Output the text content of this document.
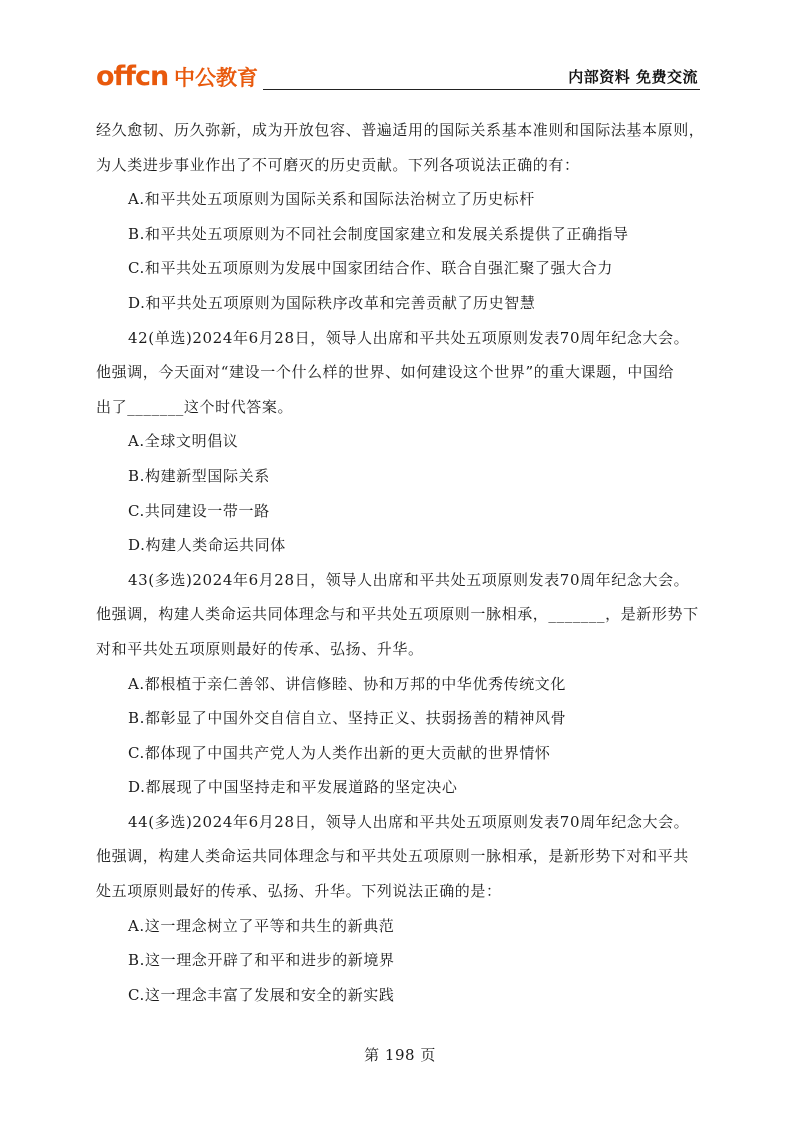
offcn 中公教育	内部资料 免费交流
经久愈韧、历久弥新，成为开放包容、普遍适用的国际关系基本准则和国际法基本原则，
为人类进步事业作出了不可磨灭的历史贡献。下列各项说法正确的有：
A.和平共处五项原则为国际关系和国际法治树立了历史标杆
B.和平共处五项原则为不同社会制度国家建立和发展关系提供了正确指导
C.和平共处五项原则为发展中国家团结合作、联合自强汇聚了强大合力
D.和平共处五项原则为国际秩序改革和完善贡献了历史智慧
42(单选)2024年6月28日，领导人出席和平共处五项原则发表70周年纪念大会。
他强调，今天面对“建设一个什么样的世界、如何建设这个世界”的重大课题，中国给
出了_______这个时代答案。
A.全球文明倡议
B.构建新型国际关系
C.共同建设一带一路
D.构建人类命运共同体
43(多选)2024年6月28日，领导人出席和平共处五项原则发表70周年纪念大会。
他强调，构建人类命运共同体理念与和平共处五项原则一脉相承，_______，是新形势下
对和平共处五项原则最好的传承、弘扬、升华。
A.都根植于亲仁善邻、讲信修睦、协和万邦的中华优秀传统文化
B.都彰显了中国外交自信自立、坚持正义、扶弱扬善的精神风骨
C.都体现了中国共产党人为人类作出新的更大贡献的世界情怀
D.都展现了中国坚持走和平发展道路的坚定决心
44(多选)2024年6月28日，领导人出席和平共处五项原则发表70周年纪念大会。
他强调，构建人类命运共同体理念与和平共处五项原则一脉相承，是新形势下对和平共
处五项原则最好的传承、弘扬、升华。下列说法正确的是：
A.这一理念树立了平等和共生的新典范
B.这一理念开辟了和平和进步的新境界
C.这一理念丰富了发展和安全的新实践
第 198 页
